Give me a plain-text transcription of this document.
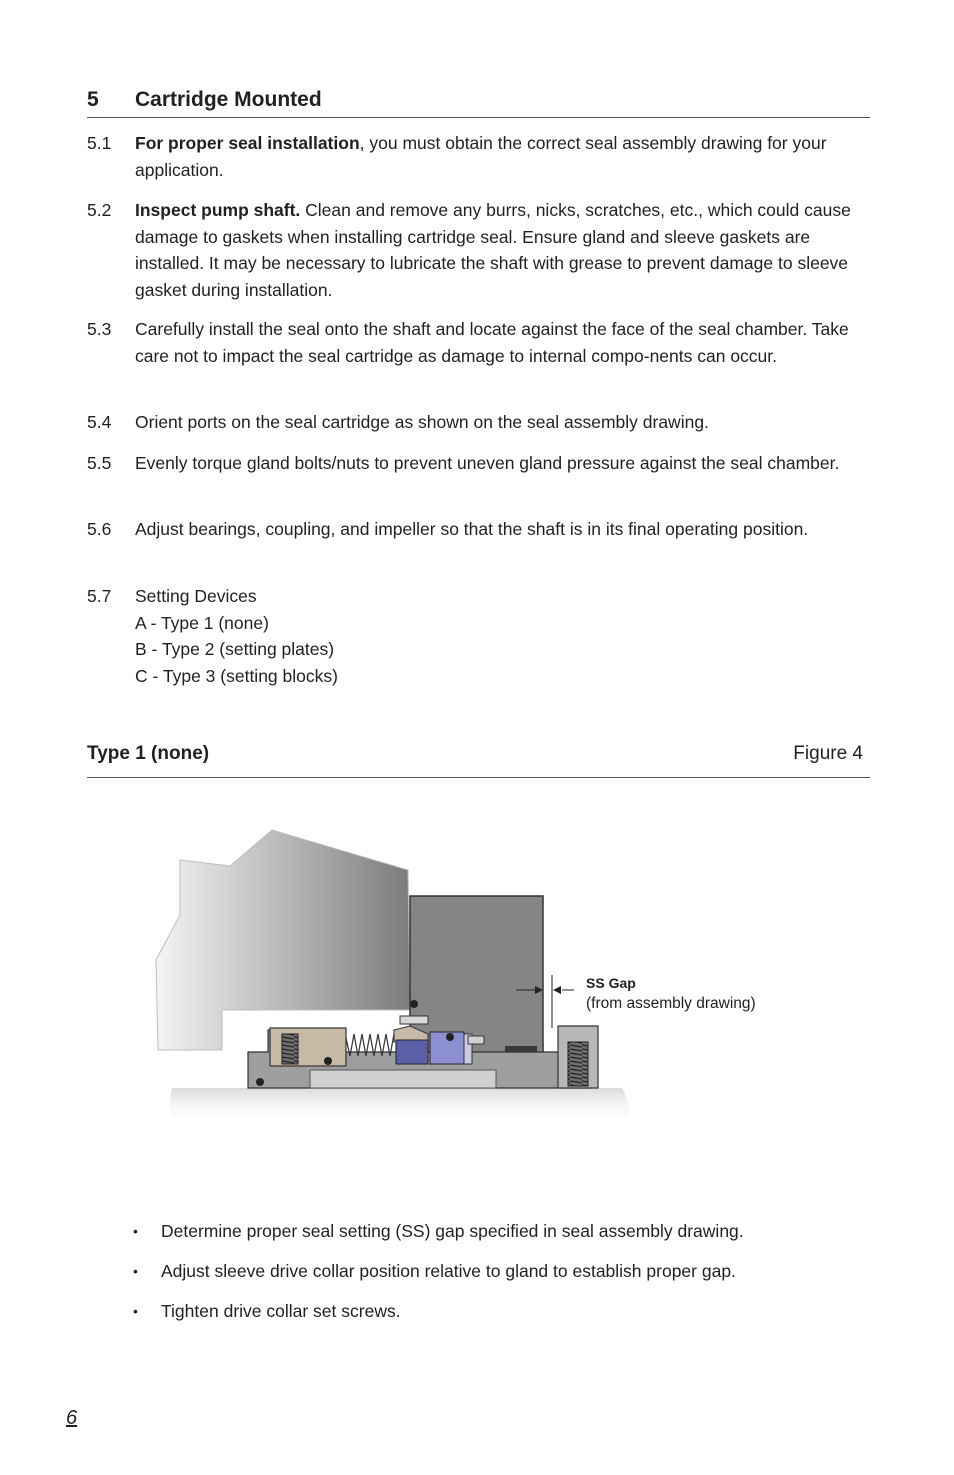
5 Cartridge Mounted
5.1 For proper seal installation, you must obtain the correct seal assembly drawing for your application.
5.2 Inspect pump shaft. Clean and remove any burrs, nicks, scratches, etc., which could cause damage to gaskets when installing cartridge seal. Ensure gland and sleeve gaskets are installed. It may be necessary to lubricate the shaft with grease to prevent damage to sleeve gasket during installation.
5.3 Carefully install the seal onto the shaft and locate against the face of the seal chamber. Take care not to impact the seal cartridge as damage to internal compo-nents can occur.
5.4 Orient ports on the seal cartridge as shown on the seal assembly drawing.
5.5 Evenly torque gland bolts/nuts to prevent uneven gland pressure against the seal chamber.
5.6 Adjust bearings, coupling, and impeller so that the shaft is in its final operating position.
5.7 Setting Devices
A - Type 1 (none)
B - Type 2 (setting plates)
C - Type 3 (setting blocks)
Type 1 (none)	Figure 4
SS Gap
(from assembly drawing)
• Determine proper seal setting (SS) gap specified in seal assembly drawing.
• Adjust sleeve drive collar position relative to gland to establish proper gap.
• Tighten drive collar set screws.
6
